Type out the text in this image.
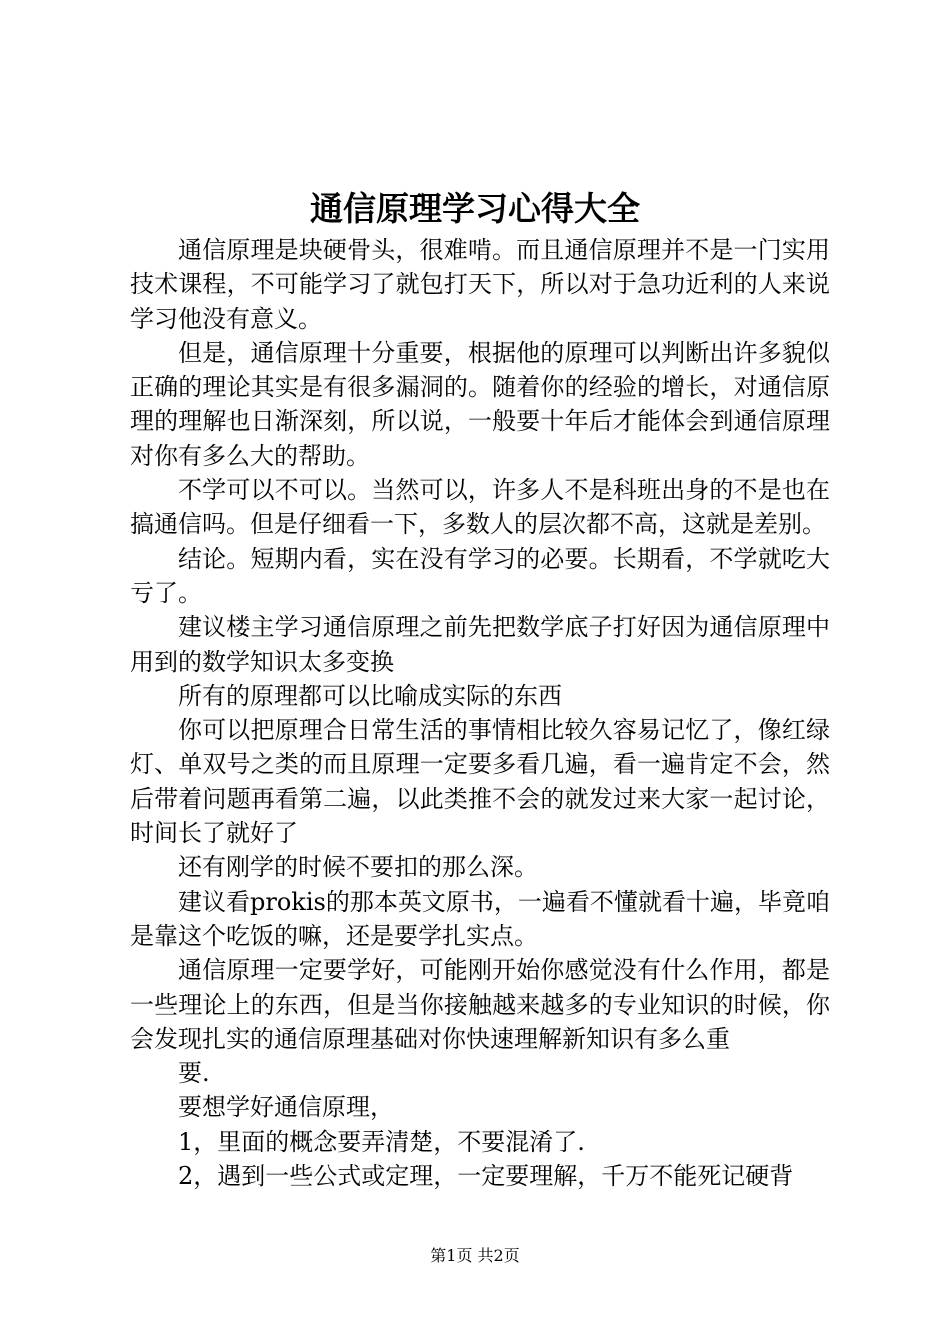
通信原理学习心得大全

通信原理是块硬骨头，很难啃。而且通信原理并不是一门实用技术课程，不可能学习了就包打天下，所以对于急功近利的人来说学习他没有意义。

但是，通信原理十分重要，根据他的原理可以判断出许多貌似正确的理论其实是有很多漏洞的。随着你的经验的增长，对通信原理的理解也日渐深刻，所以说，一般要十年后才能体会到通信原理对你有多么大的帮助。

不学可以不可以。当然可以，许多人不是科班出身的不是也在搞通信吗。但是仔细看一下，多数人的层次都不高，这就是差别。

结论。短期内看，实在没有学习的必要。长期看，不学就吃大亏了。

建议楼主学习通信原理之前先把数学底子打好因为通信原理中用到的数学知识太多变换

所有的原理都可以比喻成实际的东西

你可以把原理合日常生活的事情相比较久容易记忆了，像红绿灯、单双号之类的而且原理一定要多看几遍，看一遍肯定不会，然后带着问题再看第二遍，以此类推不会的就发过来大家一起讨论，时间长了就好了

还有刚学的时候不要扣的那么深。

建议看prokis的那本英文原书，一遍看不懂就看十遍，毕竟咱是靠这个吃饭的嘛，还是要学扎实点。

通信原理一定要学好，可能刚开始你感觉没有什么作用，都是一些理论上的东西，但是当你接触越来越多的专业知识的时候，你会发现扎实的通信原理基础对你快速理解新知识有多么重

要.

要想学好通信原理，

1，里面的概念要弄清楚，不要混淆了.

2，遇到一些公式或定理，一定要理解，千万不能死记硬背

第1页 共2页
